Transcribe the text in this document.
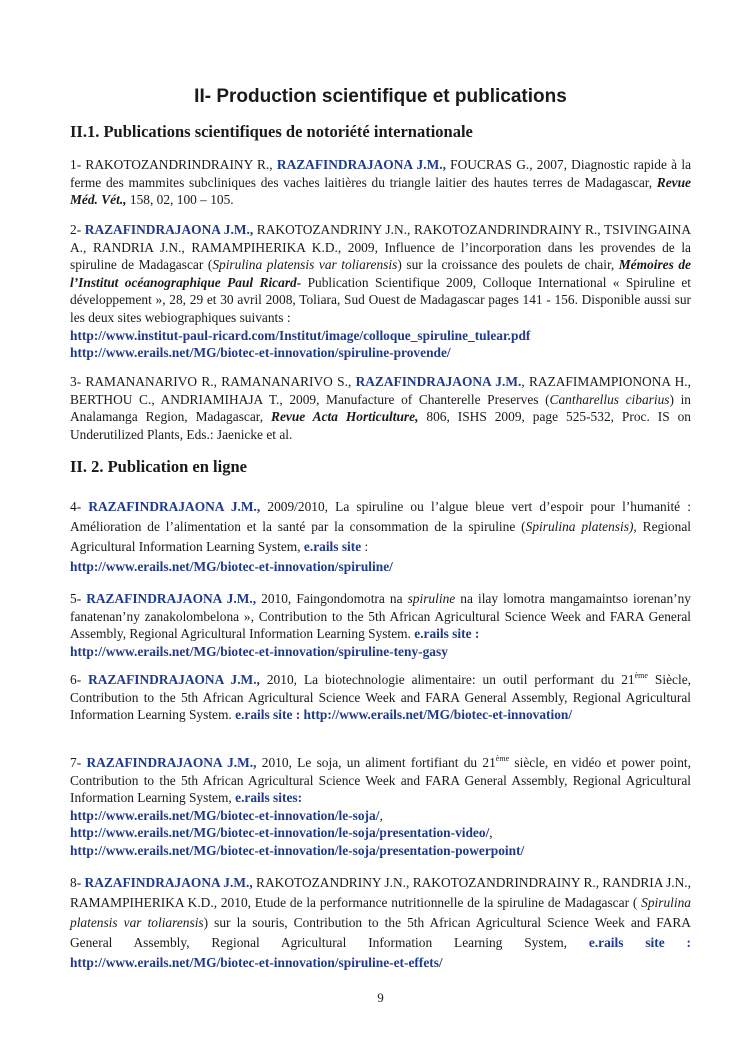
II- Production scientifique et publications
II.1. Publications scientifiques de notoriété internationale

1- RAKOTOZANDRINDRAINY R., RAZAFINDRAJAONA J.M., FOUCRAS G., 2007, Diagnostic rapide à la ferme des mammites subcliniques des vaches laitières du triangle laitier des hautes terres de Madagascar, Revue Méd. Vét., 158, 02, 100 – 105.

2- RAZAFINDRAJAONA J.M., RAKOTOZANDRINY J.N., RAKOTOZANDRINDRAINY R., TSIVINGAINA A., RANDRIA J.N., RAMAMPIHERIKA K.D., 2009, Influence de l’incorporation dans les provendes de la spiruline de Madagascar (Spirulina platensis var toliarensis) sur la croissance des poulets de chair, Mémoires de l’Institut océanographique Paul Ricard- Publication Scientifique 2009, Colloque International « Spiruline et développement », 28, 29 et 30 avril 2008, Toliara, Sud Ouest de Madagascar pages 141 - 156. Disponible aussi sur les deux sites webiographiques suivants :
http://www.institut-paul-ricard.com/Institut/image/colloque_spiruline_tulear.pdf
http://www.erails.net/MG/biotec-et-innovation/spiruline-provende/

3- RAMANANARIVO R., RAMANANARIVO S., RAZAFINDRAJAONA J.M., RAZAFIMAMPIONONA H., BERTHOU C., ANDRIAMIHAJA T., 2009, Manufacture of Chanterelle Preserves (Cantharellus cibarius) in Analamanga Region, Madagascar, Revue Acta Horticulture, 806, ISHS 2009, page 525-532, Proc. IS on Underutilized Plants, Eds.: Jaenicke et al.

II. 2. Publication en ligne

4- RAZAFINDRAJAONA J.M., 2009/2010, La spiruline ou l’algue bleue vert d’espoir pour l’humanité : Amélioration de l’alimentation et la santé par la consommation de la spiruline (Spirulina platensis), Regional Agricultural Information Learning System, e.rails site :
http://www.erails.net/MG/biotec-et-innovation/spiruline/

5- RAZAFINDRAJAONA J.M., 2010, Faingondomotra na spiruline na ilay lomotra mangamaintso iorenan’ny fanatenan’ny zanakolombelona », Contribution to the 5th African Agricultural Science Week and FARA General Assembly, Regional Agricultural Information Learning System. e.rails site :
http://www.erails.net/MG/biotec-et-innovation/spiruline-teny-gasy

6- RAZAFINDRAJAONA J.M., 2010, La biotechnologie alimentaire: un outil performant du 21ème Siècle, Contribution to the 5th African Agricultural Science Week and FARA General Assembly, Regional Agricultural Information Learning System. e.rails site : http://www.erails.net/MG/biotec-et-innovation/

7- RAZAFINDRAJAONA J.M., 2010, Le soja, un aliment fortifiant du 21ème siècle, en vidéo et power point, Contribution to the 5th African Agricultural Science Week and FARA General Assembly, Regional Agricultural Information Learning System, e.rails sites:
http://www.erails.net/MG/biotec-et-innovation/le-soja/,
http://www.erails.net/MG/biotec-et-innovation/le-soja/presentation-video/,
http://www.erails.net/MG/biotec-et-innovation/le-soja/presentation-powerpoint/

8- RAZAFINDRAJAONA J.M., RAKOTOZANDRINY J.N., RAKOTOZANDRINDRAINY R., RANDRIA J.N., RAMAMPIHERIKA K.D., 2010, Etude de la performance nutritionnelle de la spiruline de Madagascar ( Spirulina platensis var toliarensis) sur la souris, Contribution to the 5th African Agricultural Science Week and FARA General Assembly, Regional Agricultural Information Learning System, e.rails site : http://www.erails.net/MG/biotec-et-innovation/spiruline-et-effets/

9
